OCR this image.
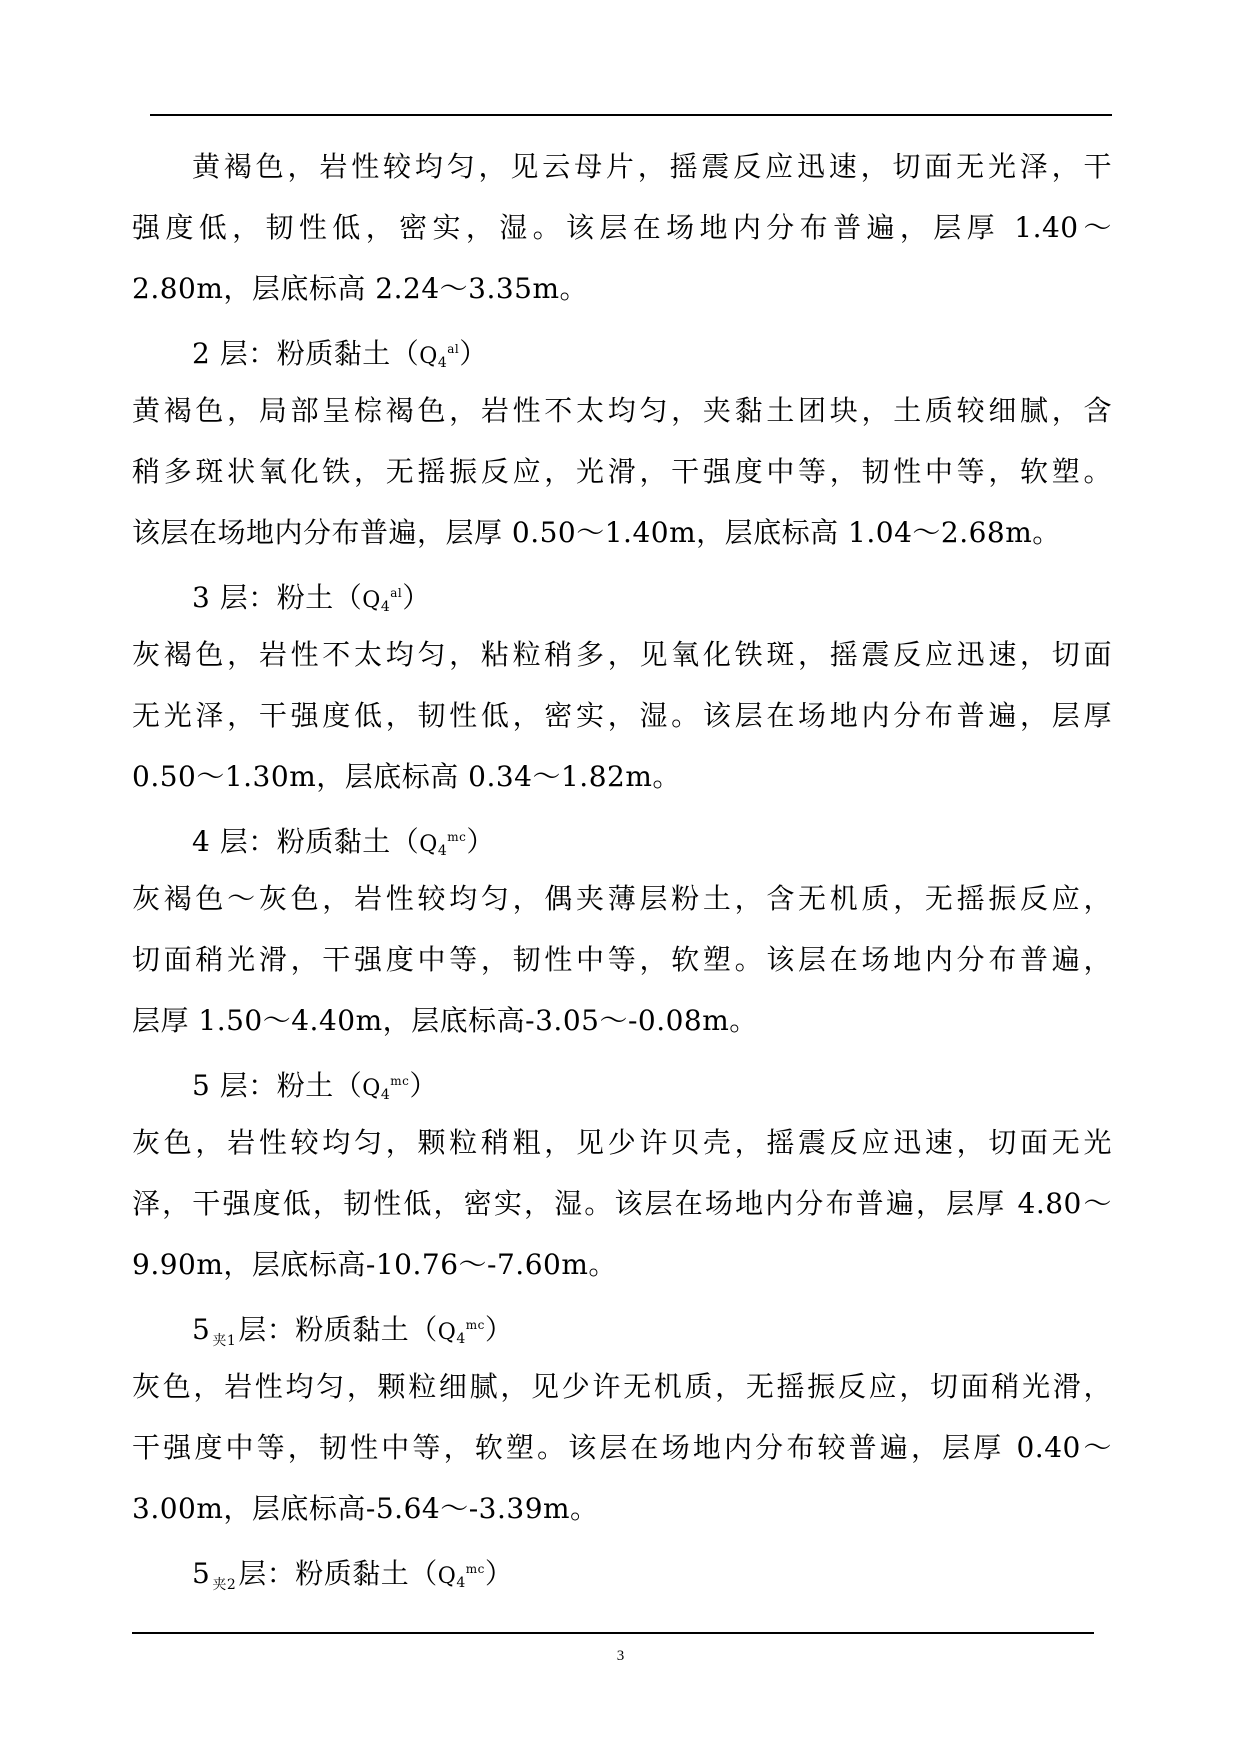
黄褐色，岩性较均匀，见云母片，摇震反应迅速，切面无光泽，干
强度低，韧性低，密实，湿。该层在场地内分布普遍，层厚 1.40～
2.80m，层底标高 2.24～3.35m。
2 层：粉质黏土$(Q_4^{al})$
黄褐色，局部呈棕褐色，岩性不太均匀，夹黏土团块，土质较细腻，含
稍多斑状氧化铁，无摇振反应，光滑，干强度中等，韧性中等，软塑。
该层在场地内分布普遍，层厚 0.50～1.40m，层底标高 1.04～2.68m。
3 层：粉土$(Q_4^{al})$
灰褐色，岩性不太均匀，粘粒稍多，见氧化铁斑，摇震反应迅速，切面
无光泽，干强度低，韧性低，密实，湿。该层在场地内分布普遍，层厚
0.50～1.30m，层底标高 0.34～1.82m。
4 层：粉质黏土$(Q_4^{mc})$
灰褐色～灰色，岩性较均匀，偶夹薄层粉土，含无机质，无摇振反应，
切面稍光滑，干强度中等，韧性中等，软塑。该层在场地内分布普遍，
层厚 1.50～4.40m，层底标高-3.05～-0.08m。
5 层：粉土$(Q_4^{mc})$
灰色，岩性较均匀，颗粒稍粗，见少许贝壳，摇震反应迅速，切面无光
泽，干强度低，韧性低，密实，湿。该层在场地内分布普遍，层厚 4.80～
9.90m，层底标高-10.76～-7.60m。
5 $_{夹1}$层：粉质黏土$(Q_4^{mc})$
灰色，岩性均匀，颗粒细腻，见少许无机质，无摇振反应，切面稍光滑，
干强度中等，韧性中等，软塑。该层在场地内分布较普遍，层厚 0.40～
3.00m，层底标高-5.64～-3.39m。
5 $_{夹2}$层：粉质黏土$(Q_4^{mc})$
3
